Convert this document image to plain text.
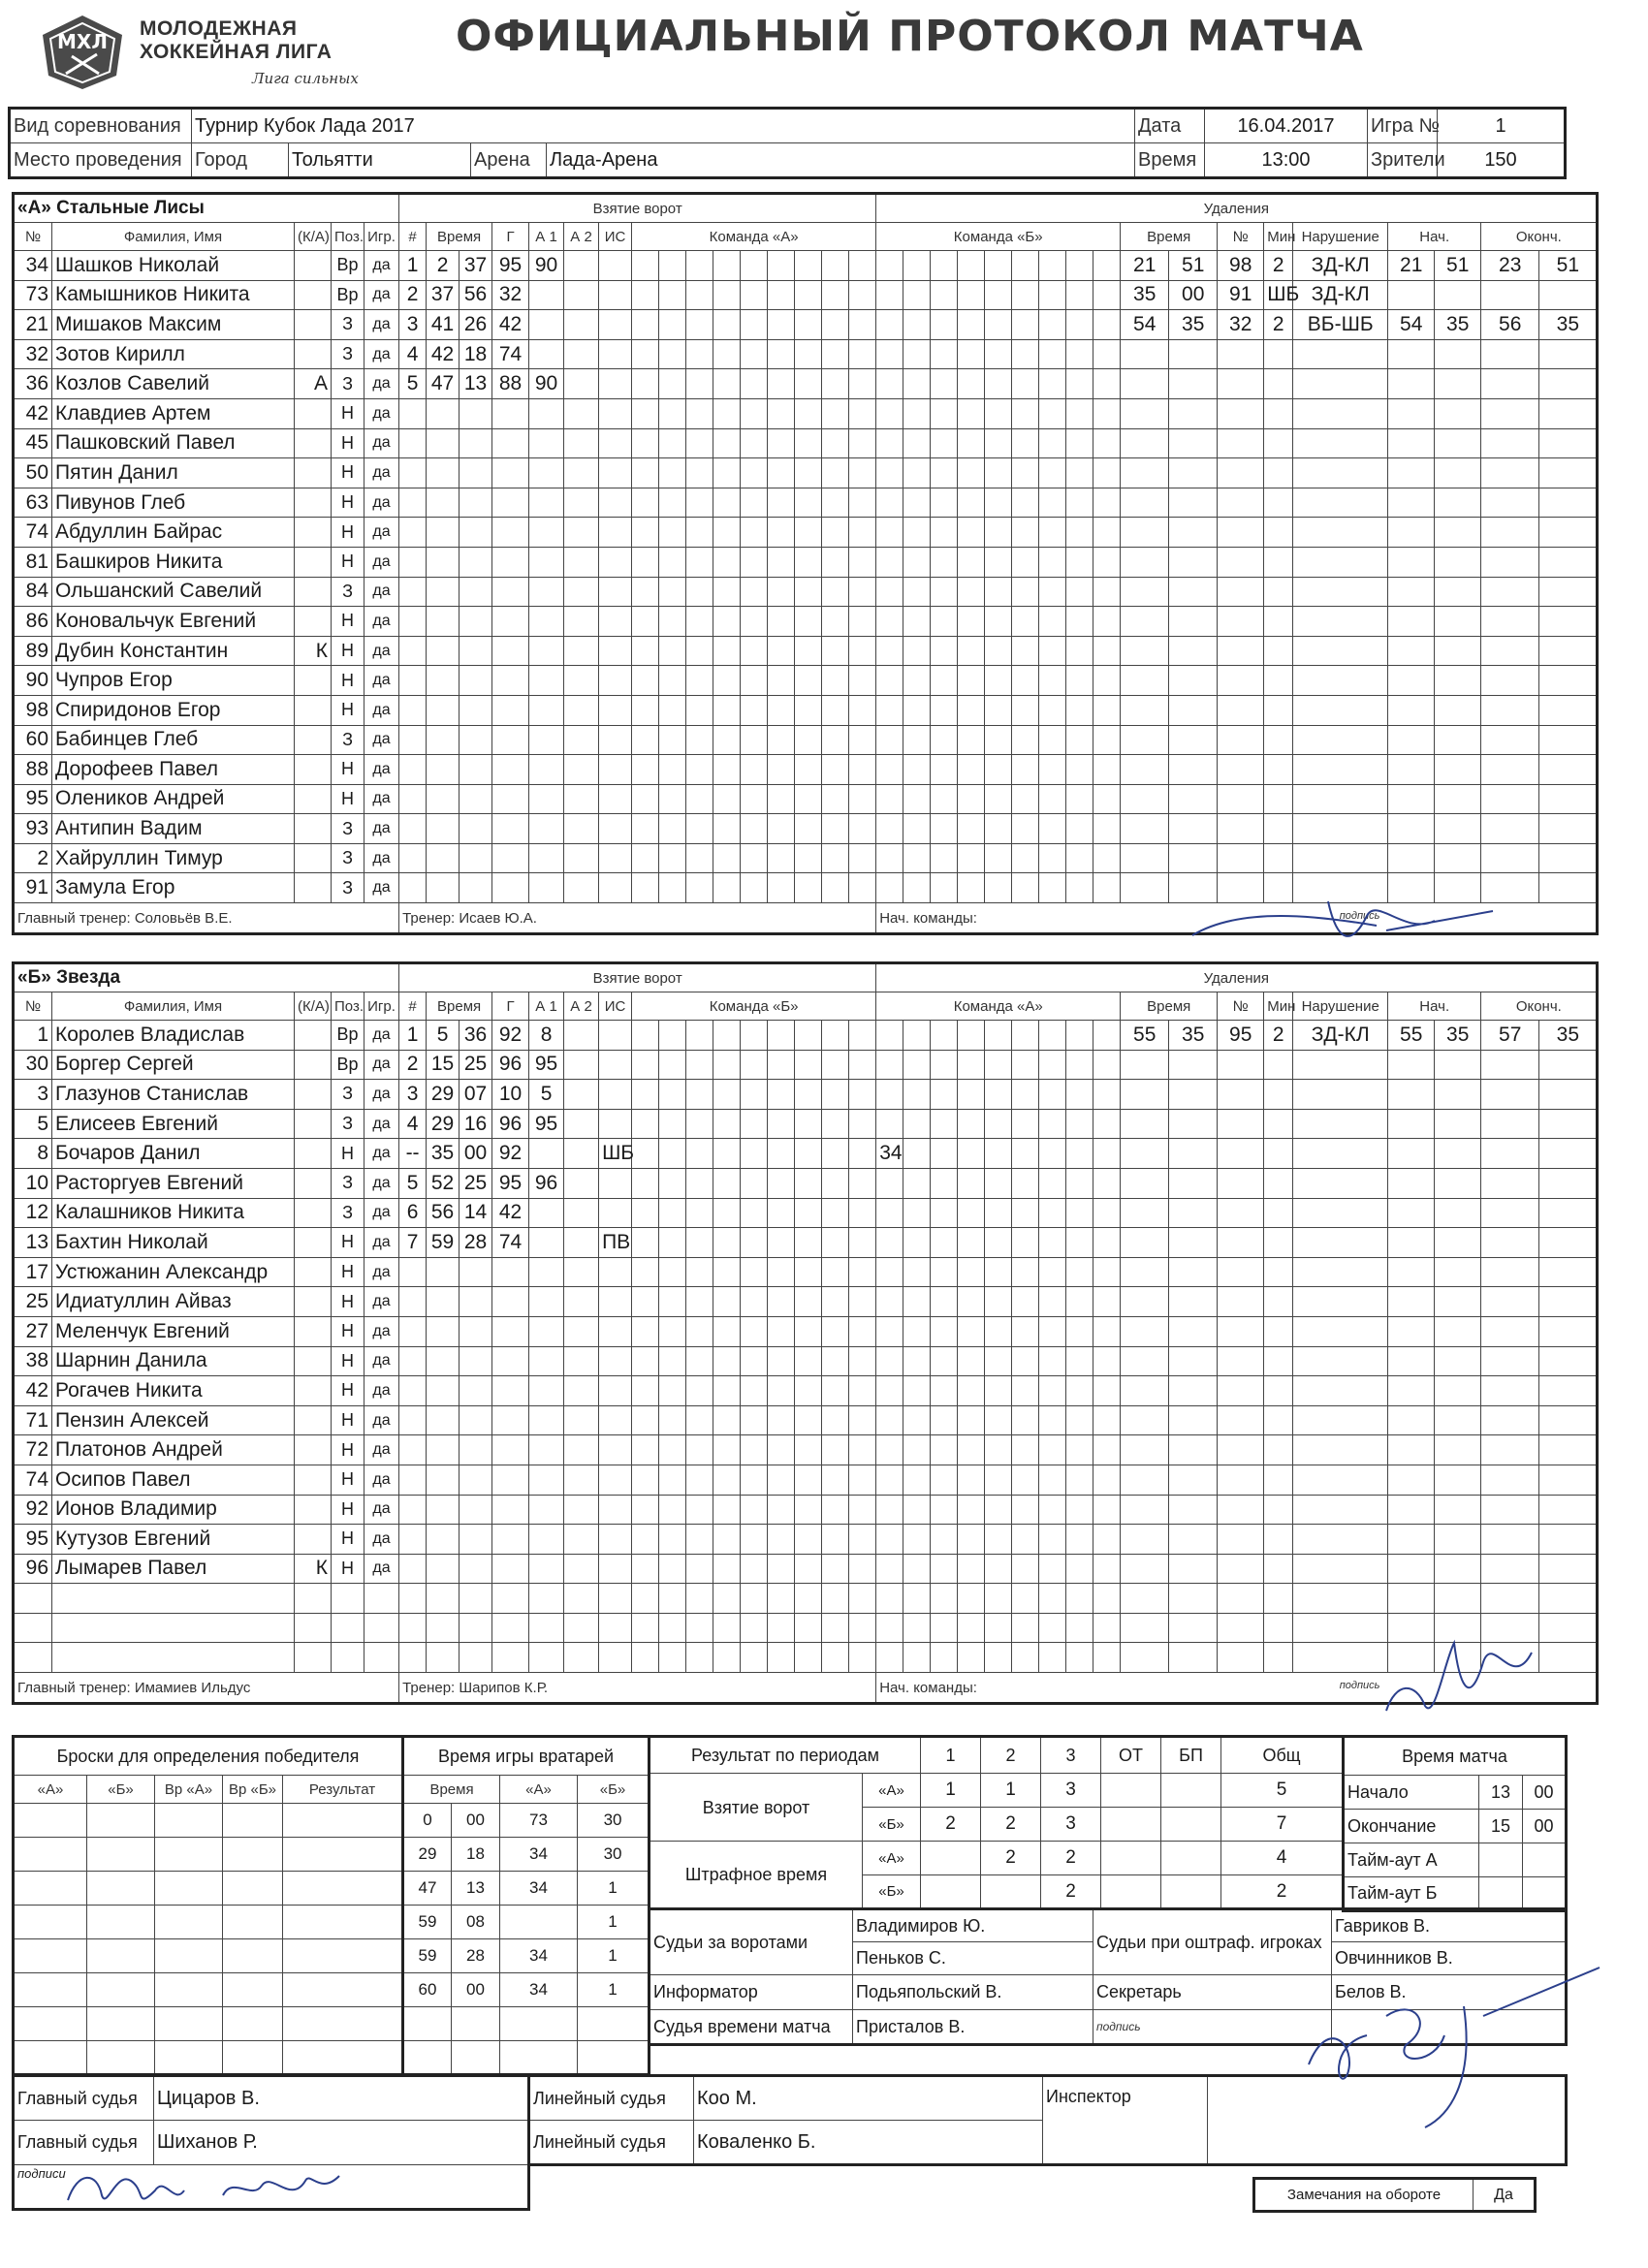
МХЛ
МОЛОДЕЖНАЯ
ХОККЕЙНАЯ ЛИГА
Лига сильных
ОФИЦИАЛЬНЫЙ ПРОТОКОЛ МАТЧА
Вид соревнования	Турнир Кубок Лада 2017				Дата	16.04.2017	Игра №	1
Место проведения	Город	Тольятти	Арена	Лада-Арена	Время	13:00	Зрители	150
«А» Стальные Лисы					Взятие ворот																Удаления																	
№	Фамилия, Имя	(К/А)	Поз.	Игр.	#	Время		Г	А 1	А 2	ИС	Команда «А»									Команда «Б»									Время		№	Мин	Нарушение	Нач.		Оконч.	
34	Шашков Николай		Вр	да	1	2	37	95	90																					21	51	98	2	ЗД-КЛ	21	51	23	51
73	Камышников Никита		Вр	да	2	37	56	32																						35	00	91	ШБ	ЗД-КЛ				
21	Мишаков Максим		З	да	3	41	26	42																						54	35	32	2	ВБ-ШБ	54	35	56	35
32	Зотов Кирилл		З	да	4	42	18	74																														
36	Козлов Савелий	А	З	да	5	47	13	88	90																													
42	Клавдиев Артем		Н	да																																		
45	Пашковский Павел		Н	да																																		
50	Пятин Данил		Н	да																																		
63	Пивунов Глеб		Н	да																																		
74	Абдуллин Байрас		Н	да																																		
81	Башкиров Никита		Н	да																																		
84	Ольшанский Савелий		З	да																																		
86	Коновальчук Евгений		Н	да																																		
89	Дубин Константин	К	Н	да																																		
90	Чупров Егор		Н	да																																		
98	Спиридонов Егор		Н	да																																		
60	Бабинцев Глеб		З	да																																		
88	Дорофеев Павел		Н	да																																		
95	Олеников Андрей		Н	да																																		
93	Антипин Вадим		З	да																																		
2	Хайруллин Тимур		З	да																																		
91	Замула Егор		З	да																																		
Главный тренер: Соловьёв В.Е.					Тренер: Исаев Ю.А.																Нач. команды: подпись																	
«Б» Звезда					Взятие ворот																Удаления																	
№	Фамилия, Имя	(К/А)	Поз.	Игр.	#	Время		Г	А 1	А 2	ИС	Команда «Б»									Команда «А»									Время		№	Мин	Нарушение	Нач.		Оконч.	
1	Королев Владислав		Вр	да	1	5	36	92	8																					55	35	95	2	ЗД-КЛ	55	35	57	35
30	Боргер Сергей		Вр	да	2	15	25	96	95																													
3	Глазунов Станислав		З	да	3	29	07	10	5																													
5	Елисеев Евгений		З	да	4	29	16	96	95																													
8	Бочаров Данил		Н	да	--	35	00	92			ШБ										34																	
10	Расторгуев Евгений		З	да	5	52	25	95	96																													
12	Калашников Никита		З	да	6	56	14	42																														
13	Бахтин Николай		Н	да	7	59	28	74			ПВ																											
17	Устюжанин Александр		Н	да																																		
25	Идиатуллин Айваз		Н	да																																		
27	Меленчук Евгений		Н	да																																		
38	Шарнин Данила		Н	да																																		
42	Рогачев Никита		Н	да																																		
71	Пензин Алексей		Н	да																																		
72	Платонов Андрей		Н	да																																		
74	Осипов Павел		Н	да																																		
92	Ионов Владимир		Н	да																																		
95	Кутузов Евгений		Н	да																																		
96	Лымарев Павел	К	Н	да																																		

Главный тренер: Имамиев Ильдус					Тренер: Шарипов К.Р.																Нач. команды: подпись																	
Броски для определения победителя				
«А»	«Б»	Вр «А»	Вр «Б»	Результат

Время игры вратарей			
Время		«А»	«Б»
0	00	73	30
29	18	34	30
47	13	34	1
59	08		1
59	28	34	1
60	00	34	1

Результат по периодам		1	2	3	ОТ	БП	Общ
Взятие ворот	«А»	1	1	3			5
	«Б»	2	2	3			7
Штрафное время	«А»		2	2			4
	«Б»			2			2
Время матча		
Начало	13	00
Окончание	15	00
Тайм-аут А		
Тайм-аут Б		
Судьи за воротами	Владимиров Ю.	Судьи при оштраф. игроках	Гавриков В.
	Пеньков С.		Овчинников В.
Информатор	Подьяпольский В.	Секретарь	Белов В.
Судья времени матча	Присталов В.	подпись	
Главный судья	Цицаров В.
Главный судья	Шиханов Р.
подписи	
Линейный судья	Коо М.	Инспектор	
Линейный судья	Коваленко Б.		
Замечания на обороте	Да
